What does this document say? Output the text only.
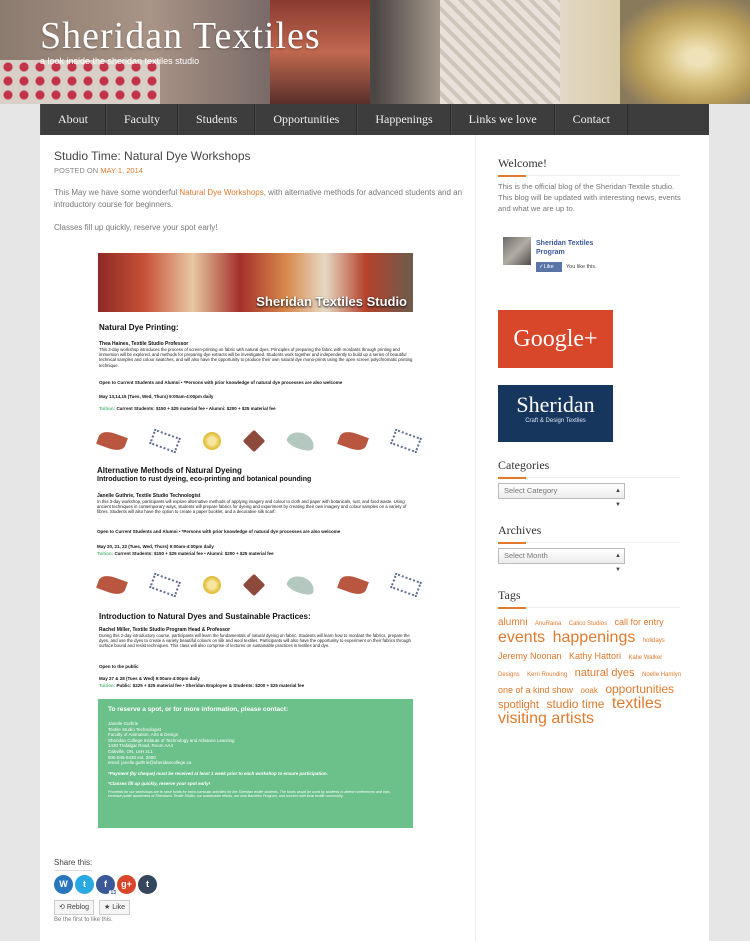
Sheridan Textiles
a look inside the sheridan textiles studio
About	Faculty	Students	Opportunities	Happenings	Links we love	Contact
Studio Time: Natural Dye Workshops
POSTED ON MAY 1, 2014
This May we have some wonderful Natural Dye Workshops, with alternative methods for advanced students and an introductory course for beginners.
Classes fill up quickly, reserve your spot early!
Sheridan Textiles Studio
Natural Dye Printing:
Thea Haines, Textile Studio Professor
This 3-day workshop introduces the process of screen-printing on fabric with natural dyes. Principles of preparing the fabric with mordants through printing and immersion will be explored, and methods for preparing dye extracts will be investigated. Students work together and independently to build up a series of beautiful technical samples and colour swatches, and will also have the opportunity to produce their own natural dye mono-prints using the open screen polychromatic printing technique.
Open to Current Students and Alumni • *Persons with prior knowledge of natural dye processes are also welcome
May 13,14,15 (Tues, Wed, Thurs) 9:00am-4:00pm daily
Tuition: Current Students: $150 + $25 material fee • Alumni: $200 + $25 material fee
Alternative Methods of Natural Dyeing
Introduction to rust dyeing, eco-printing and botanical pounding
Janelle Guthrie, Textile Studio Technologist
In this 3-day workshop, participants will explore alternative methods of applying imagery and colour to cloth and paper with botanicals, rust, and food waste. Using ancient techniques in contemporary ways, students will prepare fabrics for dyeing and experiment by creating their own imagery and colour samples on a variety of fibres. Students will also have the option to create a paper booklet, and a decorative silk scarf.
Open to Current Students and Alumni • *Persons with prior knowledge of natural dye processes are also welcome
May 20, 21, 22 (Tues, Wed, Thurs) 9:00am-4:00pm daily
Tuition: Current Students: $150 + $25 material fee • Alumni: $200 + $25 material fee
Introduction to Natural Dyes and Sustainable Practices:
Rachel Miller, Textile Studio Program Head & Professor
During this 2-day introductory course, participants will learn the fundamentals of natural dyeing on fabric. Students will learn how to mordant the fabrics, prepare the dyes, and use the dyes to create a variety beautiful colours on silk and wool textiles. Participants will also have the opportunity to experiment on their fabrics through surface bound and resist techniques. This class will also comprise of lectures on sustainable practices in textiles and dye.
Open to the public
May 27 & 28 (Tues & Wed) 9:00am-4:00pm daily
Tuition: Public: $225 + $25 material fee • Sheridan Employee & Students: $200 + $25 material fee
To reserve a spot, or for more information, please contact:
Janelle Guthrie
Textile Studio Technologist
Faculty of Animation, Arts & Design
Sheridan College Institute of Technology and Advance Learning
1430 Trafalgar Road, Room AA4
Oakville, ON, L6H 2L1
905-845-9430 ext. 2600
email: janelle.guthrie@sheridancollege.ca
*Payment (by cheque) must be received at least 1 week prior to each workshop to ensure participation.
*Classes fill up quickly, reserve your spot early!
Proceeds for our workshops are to raise funds for extra curricular activities for the Sheridan textile students. The funds would be used by students to attend conferences and trips, increase public awareness of Sheridan's Textile Studio, our sustainable efforts, our new Bachelor Program, and connect with local textile community.
Share this:
W	t	f
13
g+	t
⟲ Reblog	★ Like
Be the first to like this.
Welcome!
This is the official blog of the Sheridan Textile studio. This blog will be updated with interesting news, events and what we are up to.
Sheridan Textiles Program
✓Like	You like this.
Google+
Sheridan
Craft & Design Textiles
Categories
Select Category	▲
▼
Archives
Select Month	▲
▼
Tags
alumni AnuRaina Calico Studios call for entry events happenings holidays Jeremy Noonan Kathy Hattori Katie Walker Designs Kerri Rounding natural dyes Noelle Hamlyn one of a kind show ooak opportunities spotlight studio time textiles visiting artists
